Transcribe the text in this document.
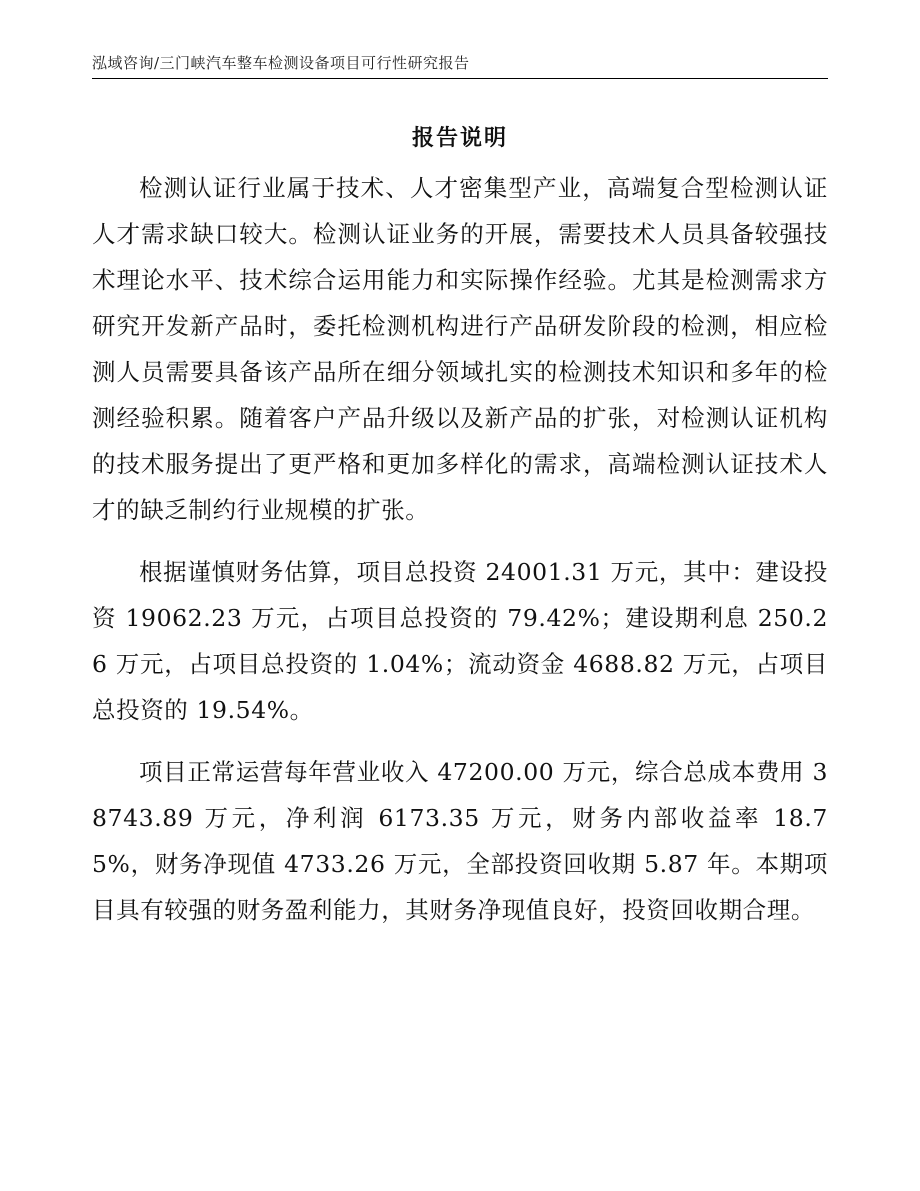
泓域咨询/三门峡汽车整车检测设备项目可行性研究报告
报告说明

检测认证行业属于技术、人才密集型产业，高端复合型检测认证人才需求缺口较大。检测认证业务的开展，需要技术人员具备较强技术理论水平、技术综合运用能力和实际操作经验。尤其是检测需求方研究开发新产品时，委托检测机构进行产品研发阶段的检测，相应检测人员需要具备该产品所在细分领域扎实的检测技术知识和多年的检测经验积累。随着客户产品升级以及新产品的扩张，对检测认证机构的技术服务提出了更严格和更加多样化的需求，高端检测认证技术人才的缺乏制约行业规模的扩张。

根据谨慎财务估算，项目总投资 24001.31 万元，其中：建设投资 19062.23 万元，占项目总投资的 79.42%；建设期利息 250.26 万元，占项目总投资的 1.04%；流动资金 4688.82 万元，占项目总投资的 19.54%。

项目正常运营每年营业收入 47200.00 万元，综合总成本费用 38743.89 万元，净利润 6173.35 万元，财务内部收益率 18.75%，财务净现值 4733.26 万元，全部投资回收期 5.87 年。本期项目具有较强的财务盈利能力，其财务净现值良好，投资回收期合理。
